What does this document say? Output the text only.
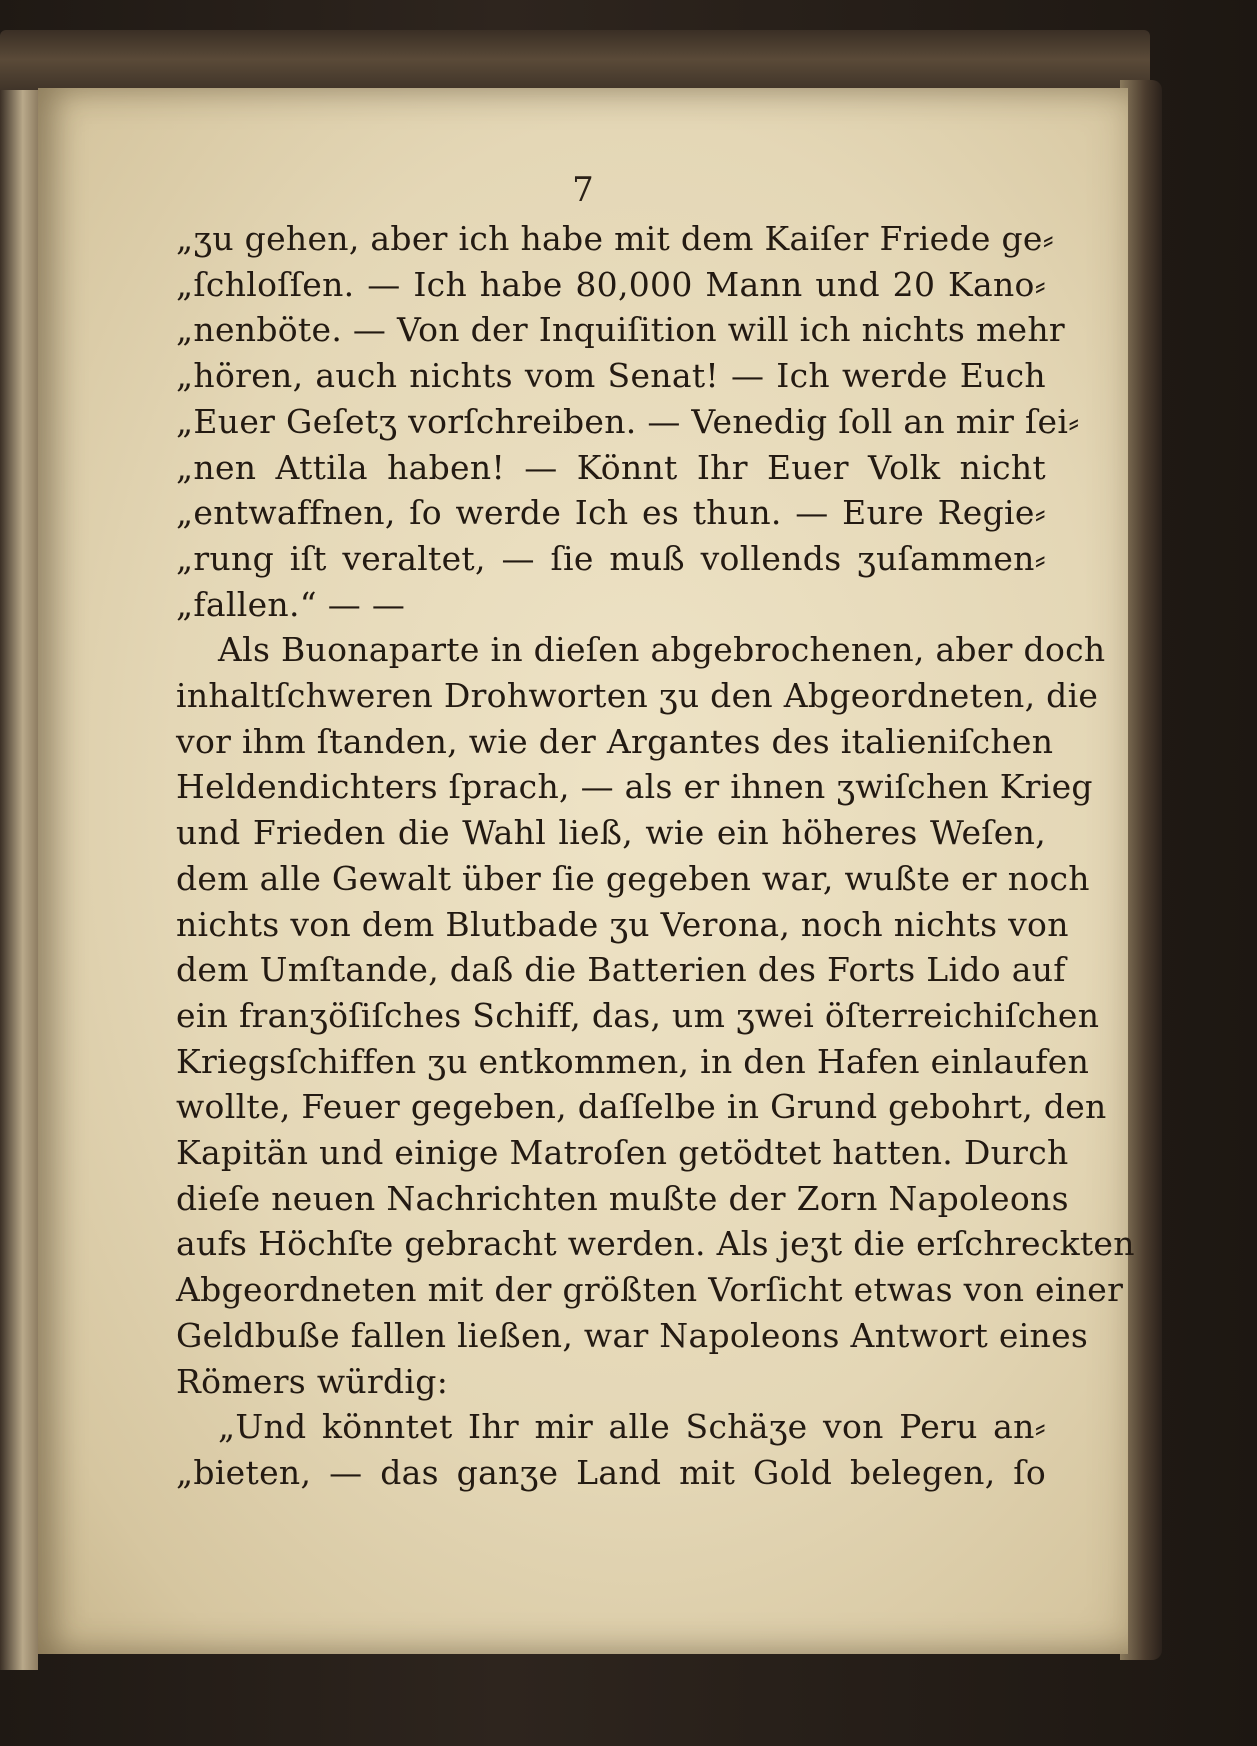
7
„ʒu gehen, aber ich habe mit dem Kaiſer Friede ge⸗
„ſchloſſen. — Ich habe 80,000 Mann und 20 Kano⸗
„nenböte. — Von der Inquiſition will ich nichts mehr
„hören, auch nichts vom Senat! — Ich werde Euch
„Euer Geſetʒ vorſchreiben. — Venedig ſoll an mir ſei⸗
„nen Attila haben! — Könnt Ihr Euer Volk nicht
„entwaffnen, ſo werde Ich es thun. — Eure Regie⸗
„rung iſt veraltet, — ſie muß vollends ʒuſammen⸗
„fallen.“ — —
Als Buonaparte in dieſen abgebrochenen, aber doch
inhaltſchweren Drohworten ʒu den Abgeordneten, die
vor ihm ſtanden, wie der Argantes des italieniſchen
Heldendichters ſprach, — als er ihnen ʒwiſchen Krieg
und Frieden die Wahl ließ, wie ein höheres Weſen,
dem alle Gewalt über ſie gegeben war, wußte er noch
nichts von dem Blutbade ʒu Verona, noch nichts von
dem Umſtande, daß die Batterien des Forts Lido auf
ein franʒöſiſches Schiff, das, um ʒwei öſterreichiſchen
Kriegsſchiffen ʒu entkommen, in den Hafen einlaufen
wollte, Feuer gegeben, daſſelbe in Grund gebohrt, den
Kapitän und einige Matroſen getödtet hatten. Durch
dieſe neuen Nachrichten mußte der Zorn Napoleons
aufs Höchſte gebracht werden. Als jeʒt die erſchreckten
Abgeordneten mit der größten Vorſicht etwas von einer
Geldbuße fallen ließen, war Napoleons Antwort eines
Römers würdig:
„Und könntet Ihr mir alle Schäʒe von Peru an⸗
„bieten, — das ganʒe Land mit Gold belegen, ſo
